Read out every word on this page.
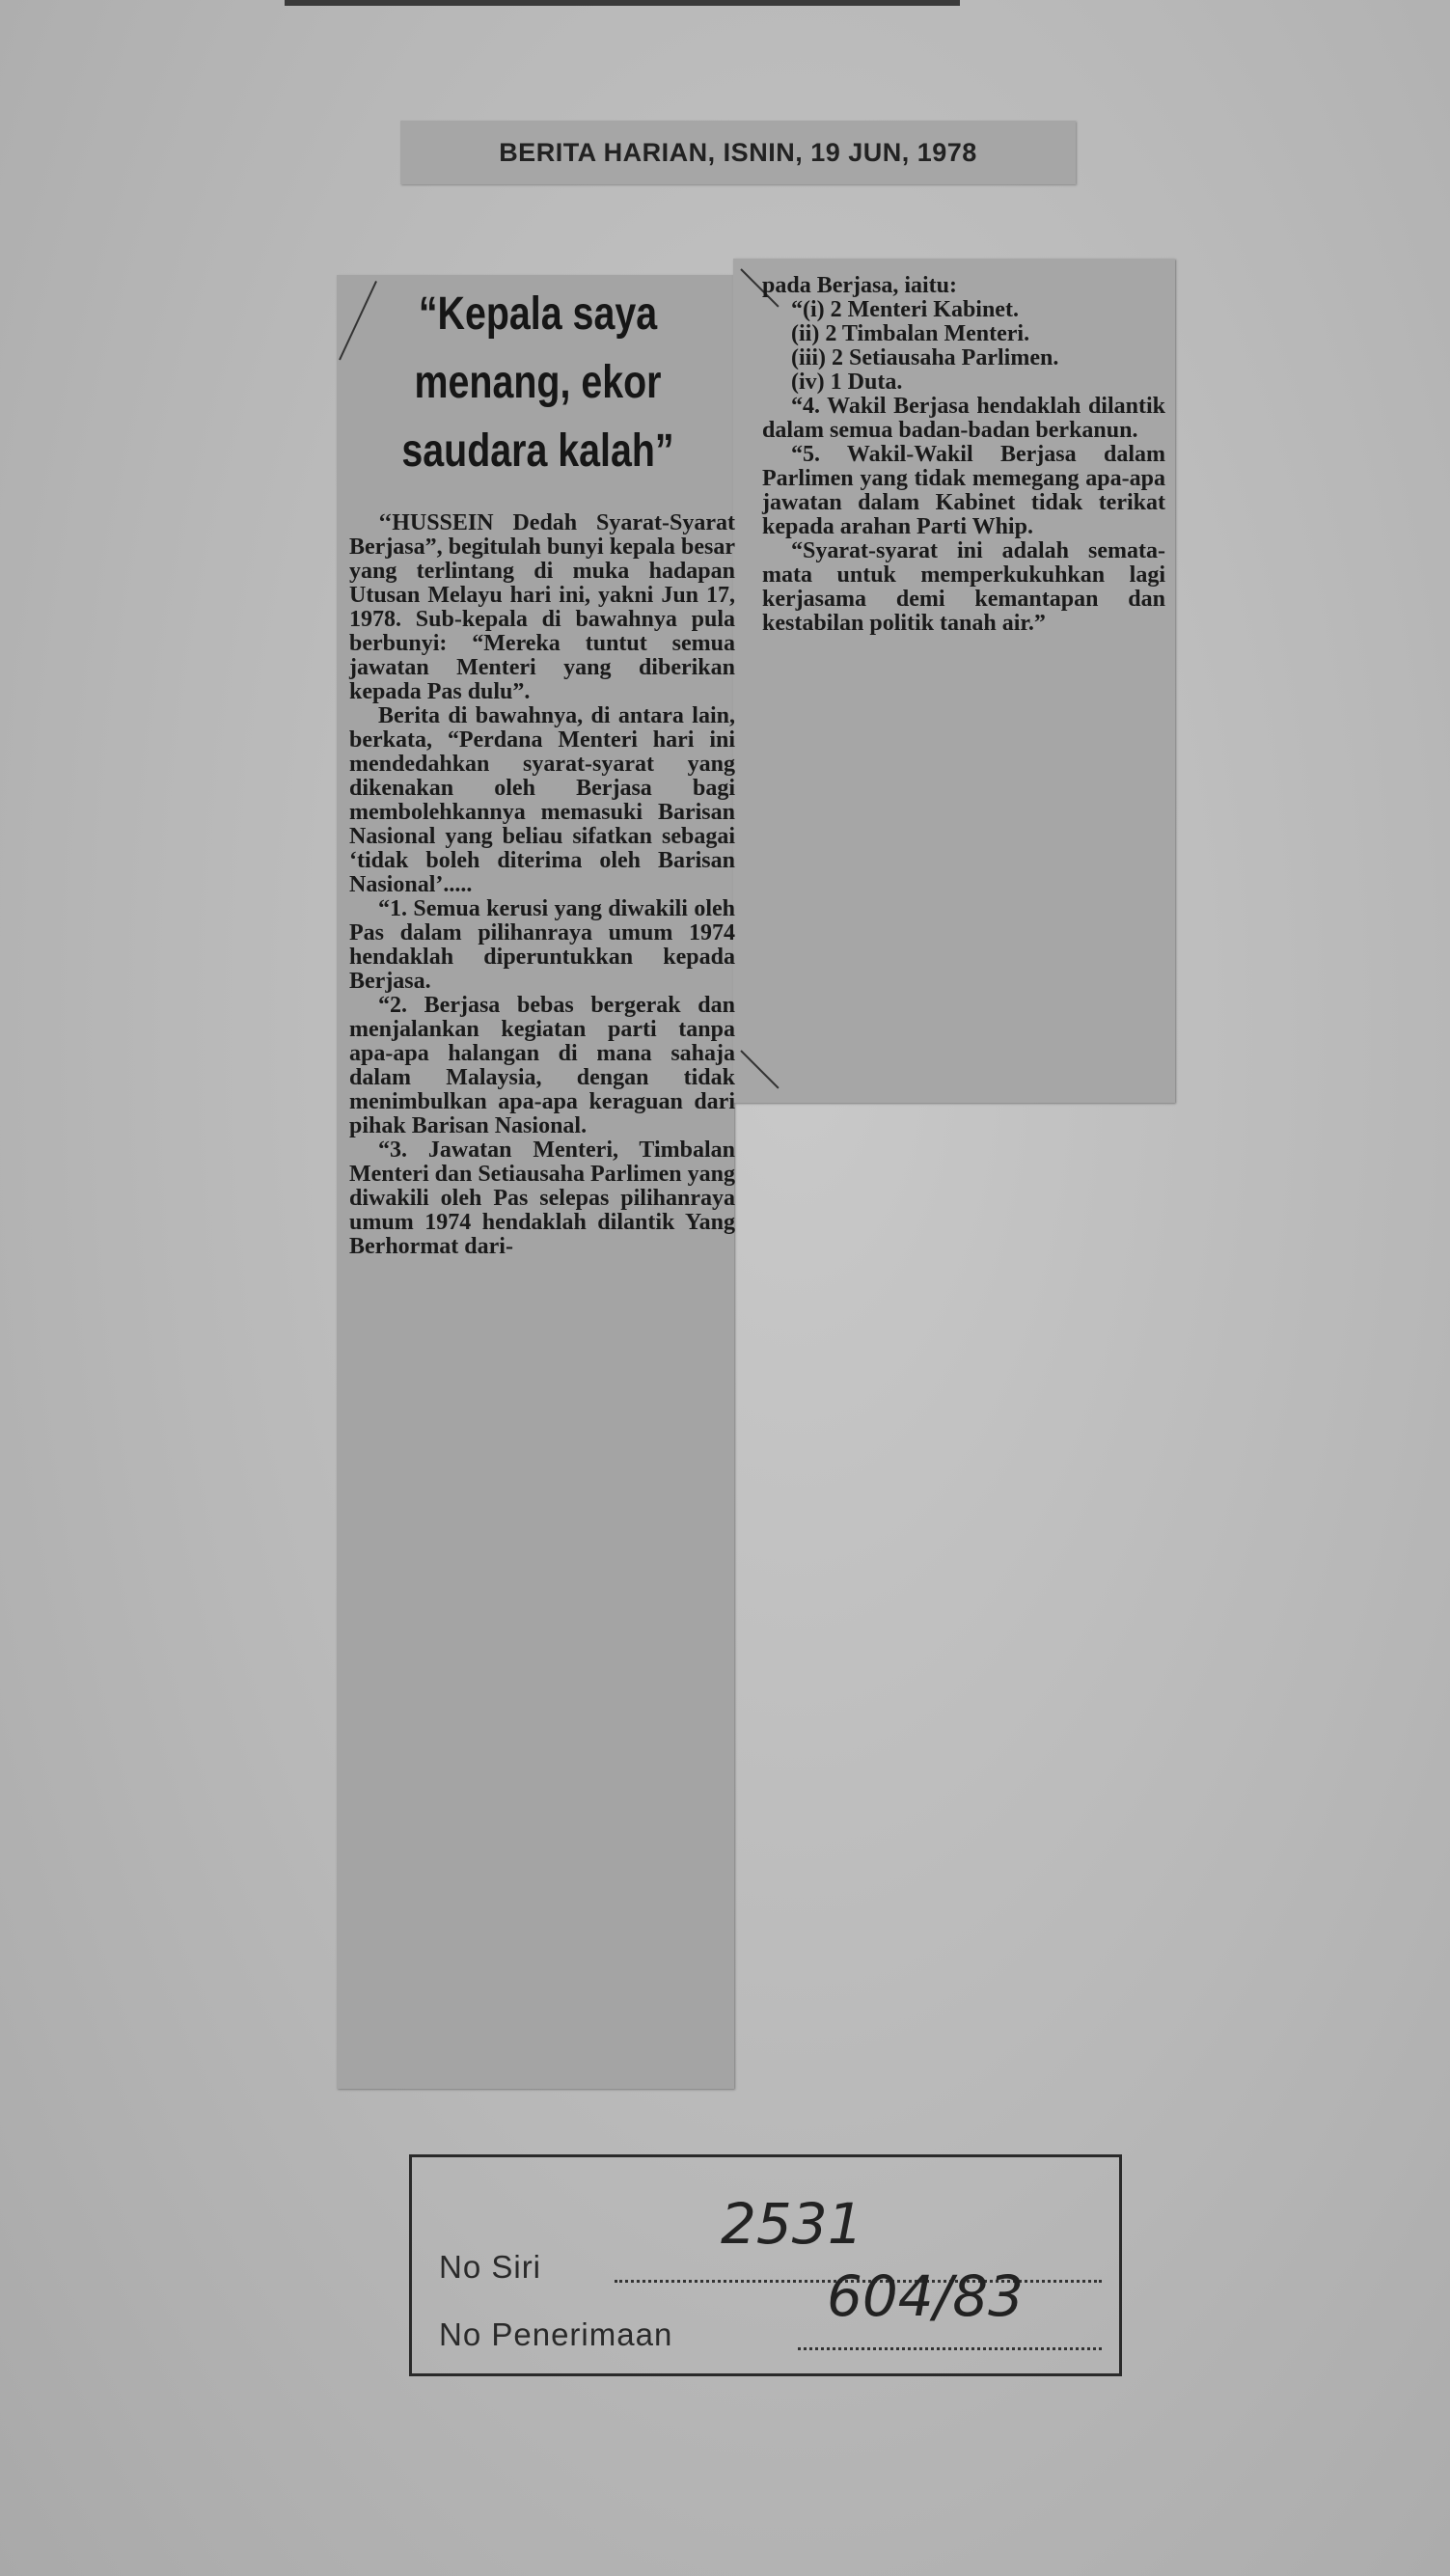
BERITA HARIAN, ISNIN, 19 JUN, 1978
“Kepala saya menang, ekor saudara kalah”

‘‘HUSSEIN Dedah Syarat-Syarat Berjasa”, begitulah bunyi kepala besar yang terlintang di muka hadapan Utusan Melayu hari ini, yakni Jun 17, 1978. Sub-kepala di bawahnya pula berbunyi: “Mereka tuntut semua jawatan Menteri yang diberikan kepada Pas dulu”.

Berita di bawahnya, di antara lain, berkata, “Perdana Menteri hari ini mendedahkan syarat-syarat yang dikenakan oleh Berjasa bagi membolehkannya memasuki Barisan Nasional yang beliau sifatkan sebagai ‘tidak boleh diterima oleh Barisan Nasional’.....

“1. Semua kerusi yang diwakili oleh Pas dalam pilihanraya umum 1974 hendaklah diperuntukkan kepada Berjasa.

“2. Berjasa bebas bergerak dan menjalankan kegiatan parti tanpa apa-apa halangan di mana sahaja dalam Malaysia, dengan tidak menimbulkan apa-apa keraguan dari pihak Barisan Nasional.

“3. Jawatan Menteri, Timbalan Menteri dan Setiausaha Parlimen yang diwakili oleh Pas selepas pilihanraya umum 1974 hendaklah dilantik Yang Berhormat dari-

pada Berjasa, iaitu:

“(i) 2 Menteri Kabinet.

(ii) 2 Timbalan Menteri.

(iii) 2 Setiausaha Parlimen.

(iv) 1 Duta.

“4. Wakil Berjasa hendaklah dilantik dalam semua badan-badan berkanun.

“5. Wakil-Wakil Berjasa dalam Parlimen yang tidak memegang apa-apa jawatan dalam Kabinet tidak terikat kepada arahan Parti Whip.

“Syarat-syarat ini adalah semata-mata untuk memperkukuhkan lagi kerjasama demi kemantapan dan kestabilan politik tanah air.”

No Siri
2531
No Penerimaan
604/83
